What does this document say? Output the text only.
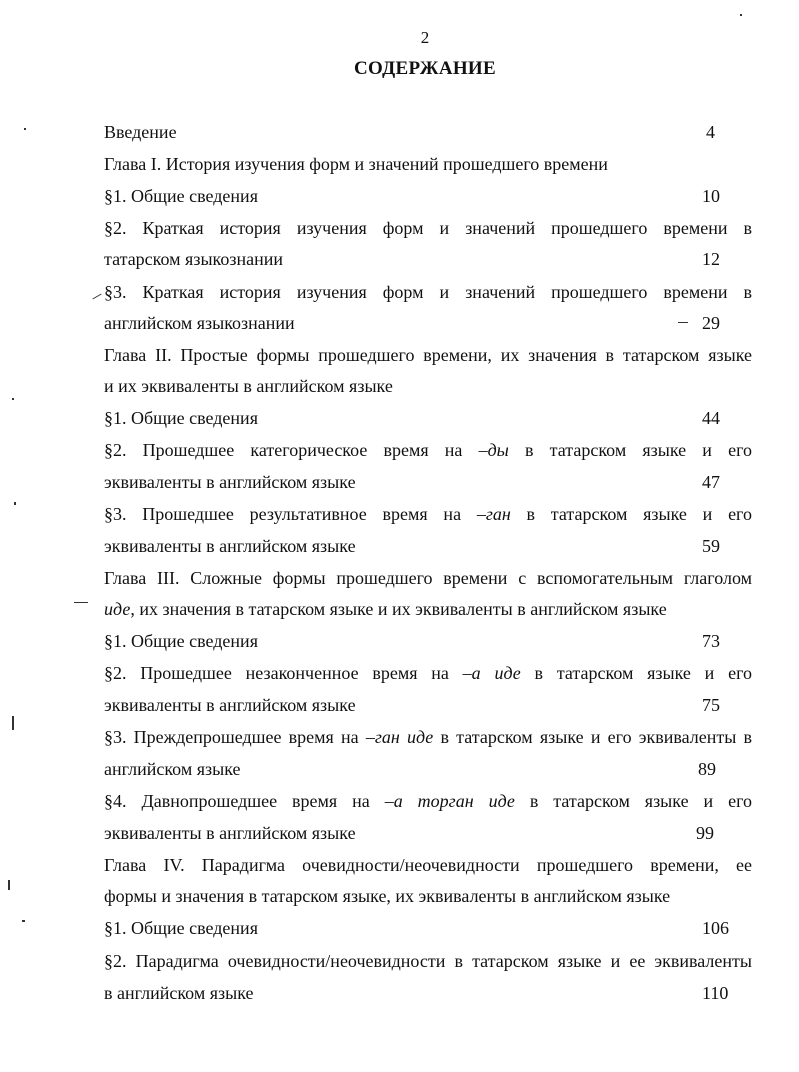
2
СОДЕРЖАНИЕ
Введение	4
Глава I. История изучения форм и значений прошедшего времени
§1. Общие сведения	10
§2. Краткая история изучения форм и значений прошедшего времени в
татарском языкознании	12
§3. Краткая история изучения форм и значений прошедшего времени в
английском языкознании	29
Глава II. Простые формы прошедшего времени, их значения в татарском языке
и их эквиваленты в английском языке
§1. Общие сведения	44
§2. Прошедшее категорическое время на –ды в татарском языке и его
эквиваленты в английском языке	47
§3. Прошедшее результативное время на –ган в татарском языке и его
эквиваленты в английском языке	59
Глава III. Сложные формы прошедшего времени с вспомогательным глаголом
иде, их значения в татарском языке и их эквиваленты в английском языке
§1. Общие сведения	73
§2. Прошедшее незаконченное время на –а иде в татарском языке и его
эквиваленты в английском языке	75
§3. Преждепрошедшее время на –ган иде в татарском языке и его эквиваленты в
английском языке	89
§4. Давнопрошедшее время на –а торган иде в татарском языке и его
эквиваленты в английском языке	99
Глава IV. Парадигма очевидности/неочевидности прошедшего времени, ее
формы и значения в татарском языке, их эквиваленты в английском языке
§1. Общие сведения	106
§2. Парадигма очевидности/неочевидности в татарском языке и ее эквиваленты
в английском языке	110
